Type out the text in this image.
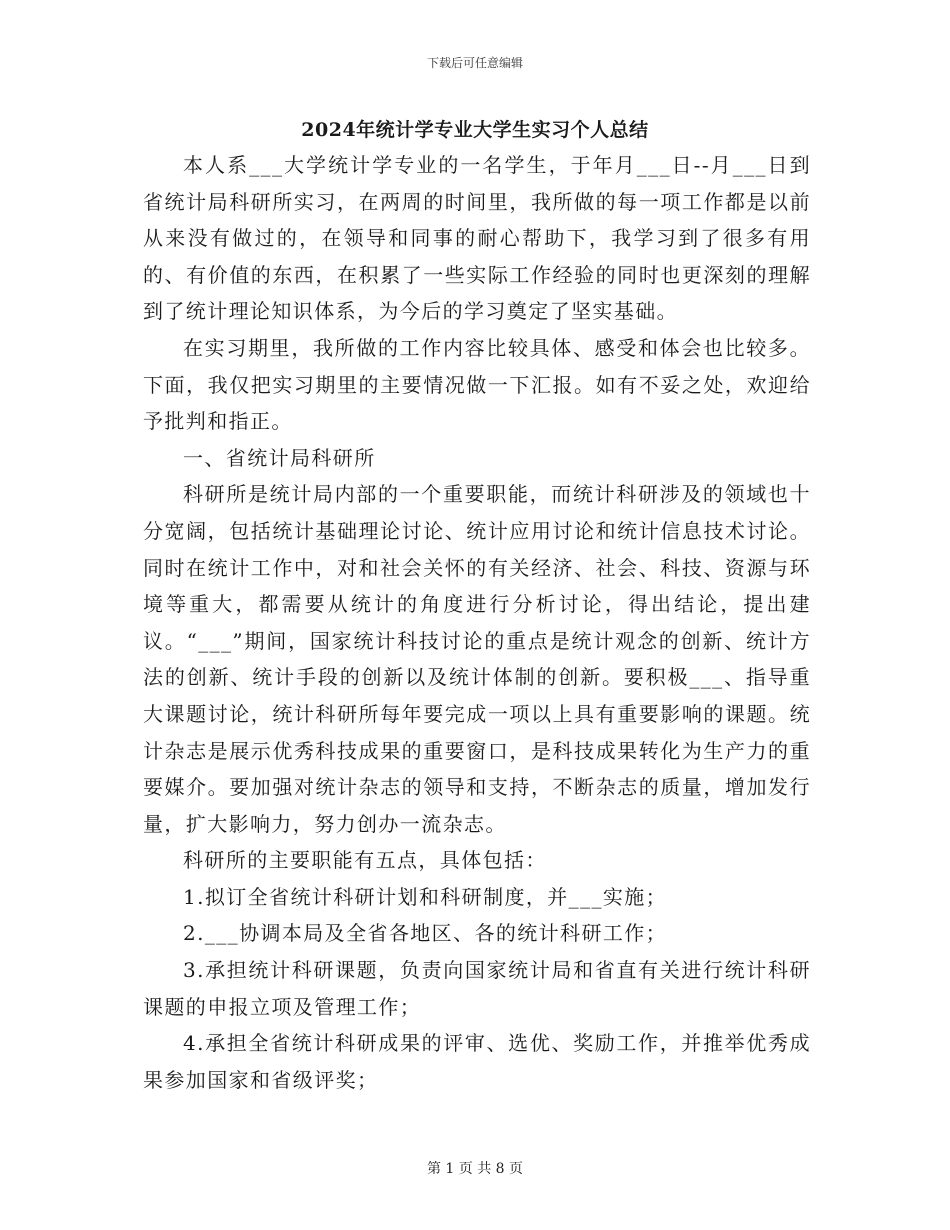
下载后可任意编辑
2024年统计学专业大学生实习个人总结

本人系___大学统计学专业的一名学生，于年月___日--月___日到省统计局科研所实习，在两周的时间里，我所做的每一项工作都是以前从来没有做过的，在领导和同事的耐心帮助下，我学习到了很多有用的、有价值的东西，在积累了一些实际工作经验的同时也更深刻的理解到了统计理论知识体系，为今后的学习奠定了坚实基础。

在实习期里，我所做的工作内容比较具体、感受和体会也比较多。下面，我仅把实习期里的主要情况做一下汇报。如有不妥之处，欢迎给予批判和指正。

一、省统计局科研所

科研所是统计局内部的一个重要职能，而统计科研涉及的领域也十分宽阔，包括统计基础理论讨论、统计应用讨论和统计信息技术讨论。同时在统计工作中，对和社会关怀的有关经济、社会、科技、资源与环境等重大，都需要从统计的角度进行分析讨论，得出结论，提出建议。“___”期间，国家统计科技讨论的重点是统计观念的创新、统计方法的创新、统计手段的创新以及统计体制的创新。要积极___、指导重大课题讨论，统计科研所每年要完成一项以上具有重要影响的课题。统计杂志是展示优秀科技成果的重要窗口，是科技成果转化为生产力的重要媒介。要加强对统计杂志的领导和支持，不断杂志的质量，增加发行量，扩大影响力，努力创办一流杂志。

科研所的主要职能有五点，具体包括：

1.拟订全省统计科研计划和科研制度，并___实施；

2.___协调本局及全省各地区、各的统计科研工作；

3.承担统计科研课题，负责向国家统计局和省直有关进行统计科研课题的申报立项及管理工作；

4.承担全省统计科研成果的评审、选优、奖励工作，并推举优秀成果参加国家和省级评奖；

第 1 页 共 8 页
